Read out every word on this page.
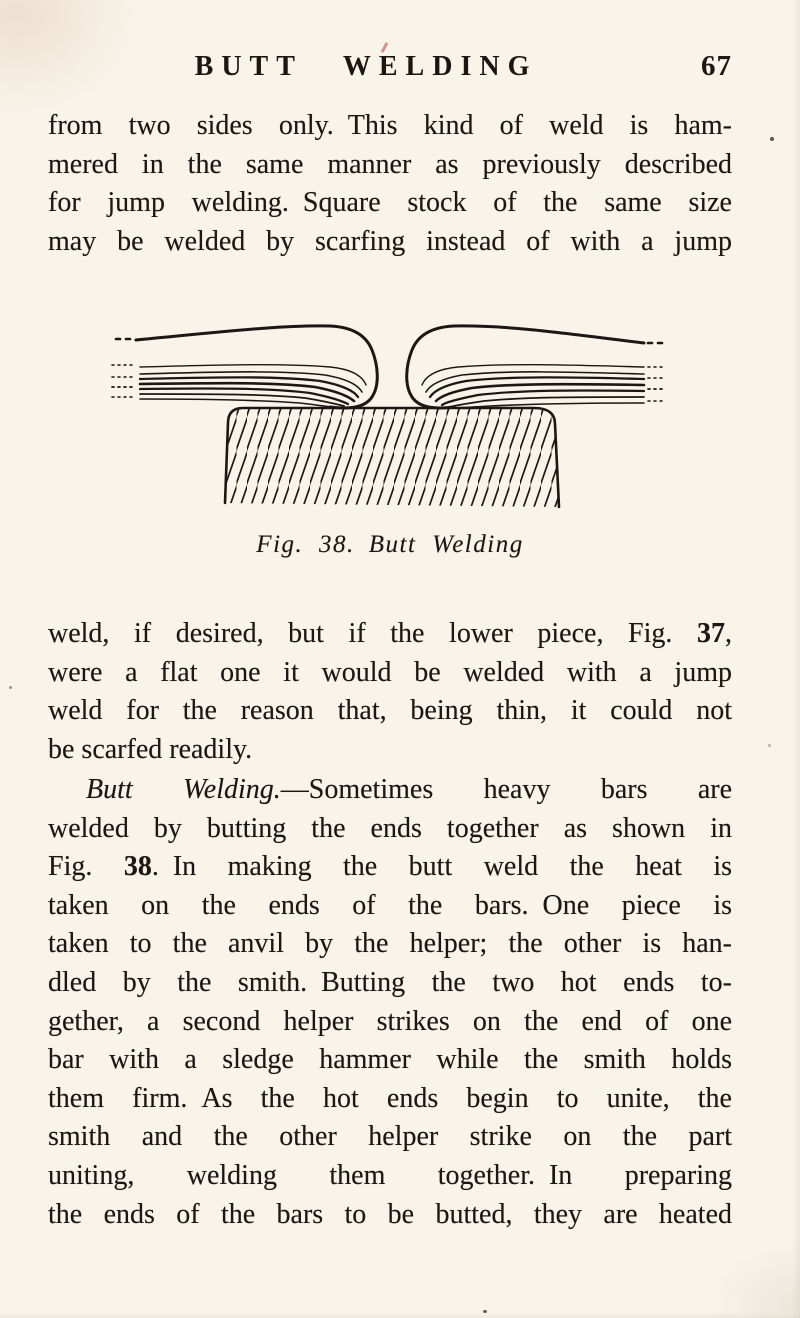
BUTT WELDING	67
from two sides only. This kind of weld is ham-
mered in the same manner as previously described
for jump welding. Square stock of the same size
may be welded by scarfing instead of with a jump
Fig. 38. Butt Welding
weld, if desired, but if the lower piece, Fig. 37,
were a flat one it would be welded with a jump
weld for the reason that, being thin, it could not
be scarfed readily.
Butt Welding.—Sometimes heavy bars are
welded by butting the ends together as shown in
Fig. 38. In making the butt weld the heat is
taken on the ends of the bars. One piece is
taken to the anvil by the helper; the other is han-
dled by the smith. Butting the two hot ends to-
gether, a second helper strikes on the end of one
bar with a sledge hammer while the smith holds
them firm. As the hot ends begin to unite, the
smith and the other helper strike on the part
uniting, welding them together. In preparing
the ends of the bars to be butted, they are heated
